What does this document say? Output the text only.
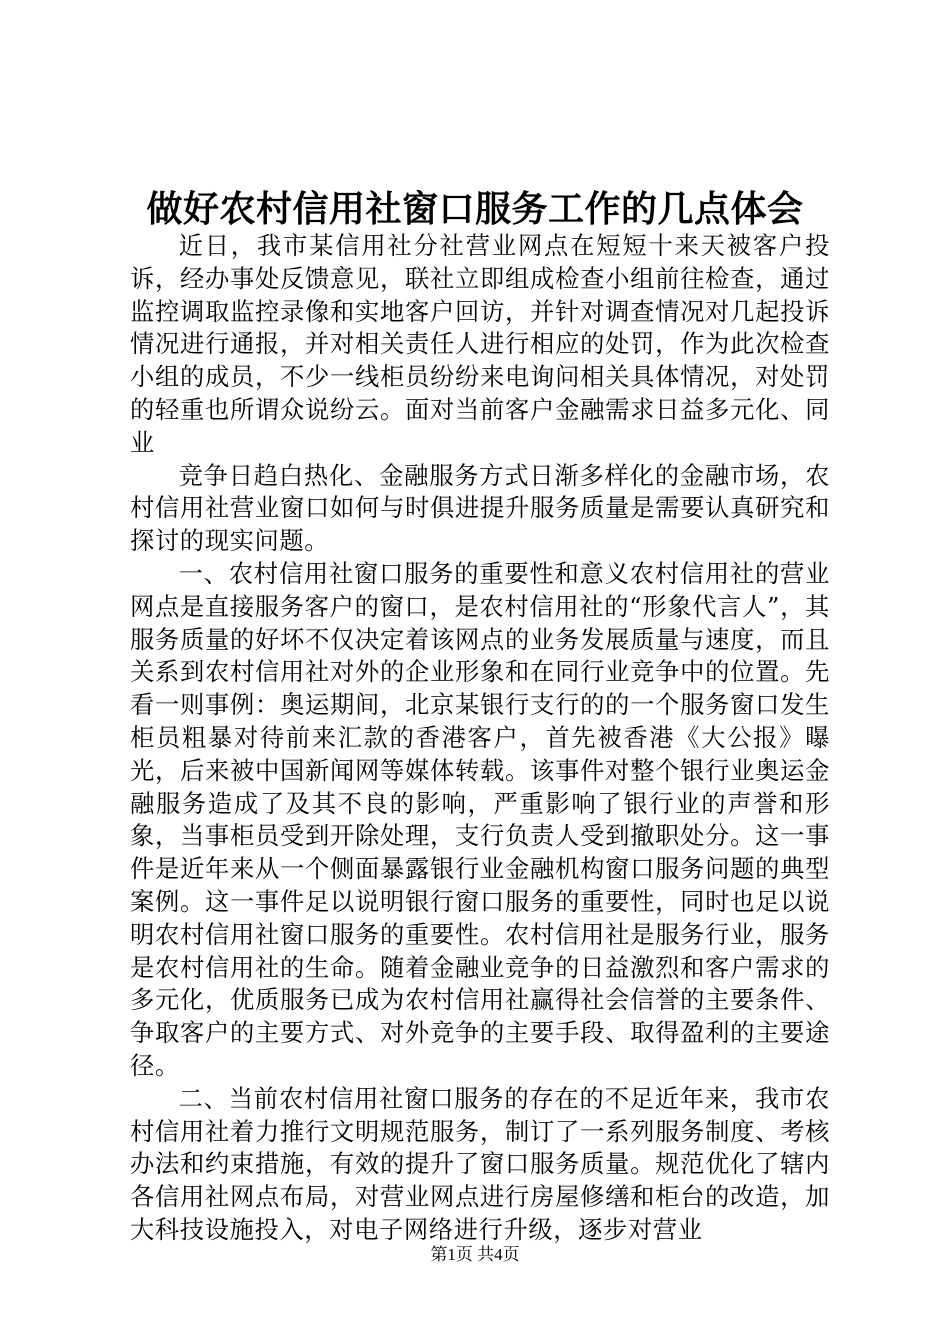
做好农村信用社窗口服务工作的几点体会

近日，我市某信用社分社营业网点在短短十来天被客户投诉，经办事处反馈意见，联社立即组成检查小组前往检查，通过监控调取监控录像和实地客户回访，并针对调查情况对几起投诉情况进行通报，并对相关责任人进行相应的处罚，作为此次检查小组的成员，不少一线柜员纷纷来电询问相关具体情况，对处罚的轻重也所谓众说纷云。面对当前客户金融需求日益多元化、同业

竞争日趋白热化、金融服务方式日渐多样化的金融市场，农村信用社营业窗口如何与时俱进提升服务质量是需要认真研究和探讨的现实问题。

一、农村信用社窗口服务的重要性和意义农村信用社的营业网点是直接服务客户的窗口，是农村信用社的“形象代言人”，其服务质量的好坏不仅决定着该网点的业务发展质量与速度，而且关系到农村信用社对外的企业形象和在同行业竞争中的位置。先看一则事例：奥运期间，北京某银行支行的的一个服务窗口发生柜员粗暴对待前来汇款的香港客户，首先被香港《大公报》曝光，后来被中国新闻网等媒体转载。该事件对整个银行业奥运金融服务造成了及其不良的影响，严重影响了银行业的声誉和形象，当事柜员受到开除处理，支行负责人受到撤职处分。这一事件是近年来从一个侧面暴露银行业金融机构窗口服务问题的典型案例。这一事件足以说明银行窗口服务的重要性，同时也足以说明农村信用社窗口服务的重要性。农村信用社是服务行业，服务是农村信用社的生命。随着金融业竞争的日益激烈和客户需求的多元化，优质服务已成为农村信用社赢得社会信誉的主要条件、争取客户的主要方式、对外竞争的主要手段、取得盈利的主要途径。

二、当前农村信用社窗口服务的存在的不足近年来，我市农村信用社着力推行文明规范服务，制订了一系列服务制度、考核办法和约束措施，有效的提升了窗口服务质量。规范优化了辖内各信用社网点布局，对营业网点进行房屋修缮和柜台的改造，加大科技设施投入，对电子网络进行升级，逐步对营业

第1页 共4页
